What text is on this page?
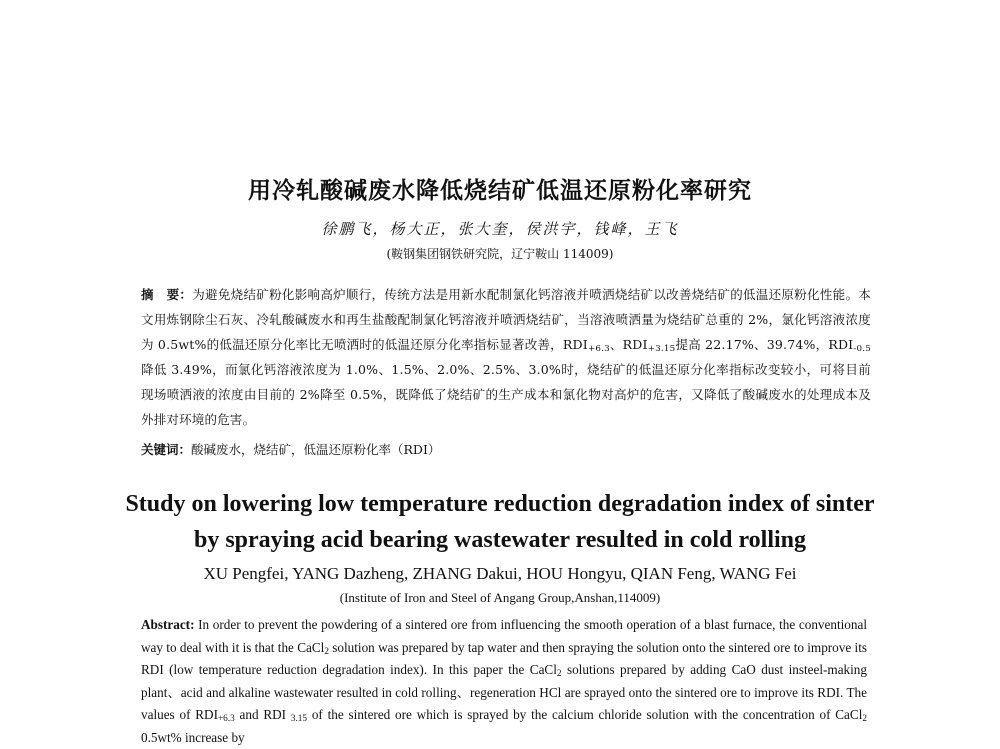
用冷轧酸碱废水降低烧结矿低温还原粉化率研究
徐鹏飞，杨大正，张大奎，侯洪宇，钱峰，王飞
(鞍钢集团钢铁研究院，辽宁鞍山 114009)
摘　要：为避免烧结矿粉化影响高炉顺行，传统方法是用新水配制氯化钙溶液并喷洒烧结矿以改善烧结矿的低温还原粉化性能。本文用炼钢除尘石灰、冷轧酸碱废水和再生盐酸配制氯化钙溶液并喷洒烧结矿，当溶液喷洒量为烧结矿总重的 2%，氯化钙溶液浓度为 0.5wt%的低温还原分化率比无喷洒时的低温还原分化率指标显著改善，$RDI_{+6.3}$、$RDI_{+3.15}$提高 22.17%、39.74%，$RDI_{-0.5}$降低 3.49%，而氯化钙溶液浓度为 1.0%、1.5%、2.0%、2.5%、3.0%时，烧结矿的低温还原分化率指标改变较小，可将目前现场喷洒液的浓度由目前的 2%降至 0.5%，既降低了烧结矿的生产成本和氯化物对高炉的危害，又降低了酸碱废水的处理成本及外排对环境的危害。
关键词：酸碱废水，烧结矿，低温还原粉化率（RDI）
Study on lowering low temperature reduction degradation index of sinter
by spraying acid bearing wastewater resulted in cold rolling
XU Pengfei, YANG Dazheng, ZHANG Dakui, HOU Hongyu, QIAN Feng, WANG Fei
(Institute of Iron and Steel of Angang Group,Anshan,114009)
Abstract: In order to prevent the powdering of a sintered ore from influencing the smooth operation of a blast furnace, the conventional way to deal with it is that the CaCl$_2$ solution was prepared by tap water and then spraying the solution onto the sintered ore to improve its RDI (low temperature reduction degradation index). In this paper the CaCl$_2$ solutions prepared by adding CaO dust insteel-making plant、acid and alkaline wastewater resulted in cold rolling、regeneration HCl are sprayed onto the sintered ore to improve its RDI. The values of $RDI_{+6.3}$ and RDI $_{3.15}$ of the sintered ore which is sprayed by the calcium chloride solution with the concentration of CaCl$_2$ 0.5wt% increase by
